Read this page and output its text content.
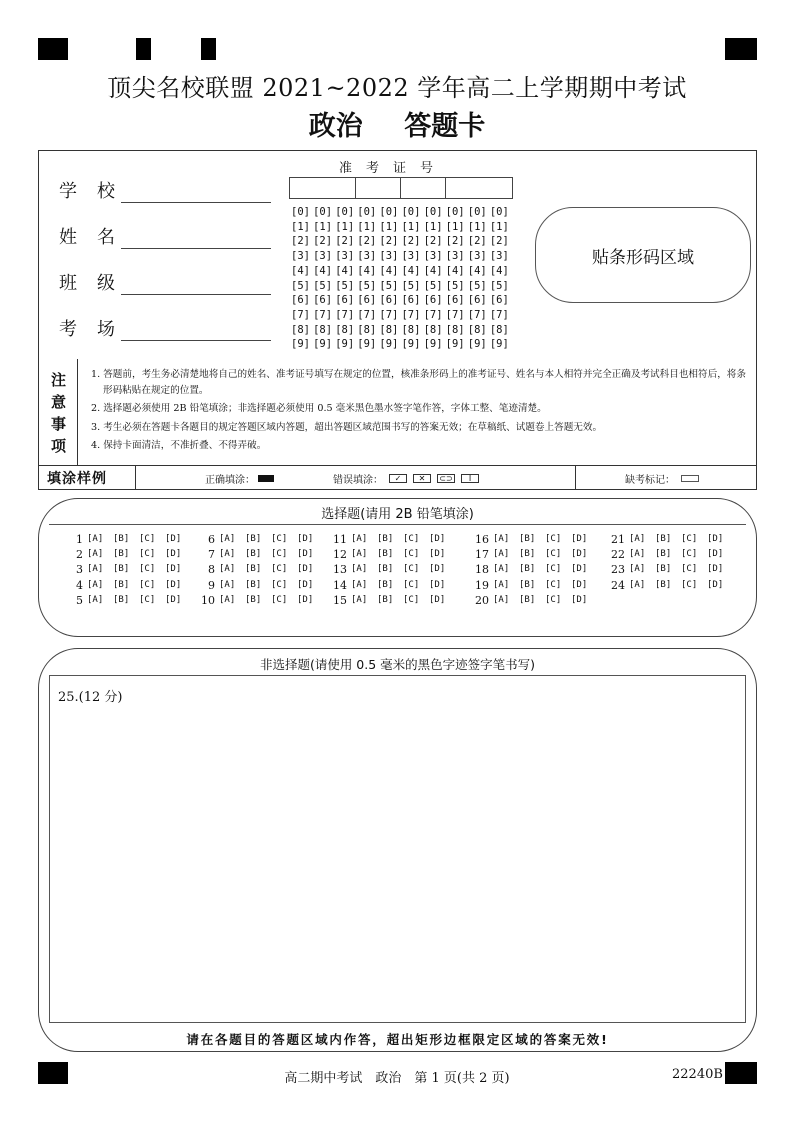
顶尖名校联盟 2021~2022 学年高二上学期期中考试
政治 答题卡
学 校
姓 名
班 级
考 场
准考证号
[0] [0] [0] [0] [0] [0] [0] [0] [0] [0]
[1] [1] [1] [1] [1] [1] [1] [1] [1] [1]
[2] [2] [2] [2] [2] [2] [2] [2] [2] [2]
[3] [3] [3] [3] [3] [3] [3] [3] [3] [3]
[4] [4] [4] [4] [4] [4] [4] [4] [4] [4]
[5] [5] [5] [5] [5] [5] [5] [5] [5] [5]
[6] [6] [6] [6] [6] [6] [6] [6] [6] [6]
[7] [7] [7] [7] [7] [7] [7] [7] [7] [7]
[8] [8] [8] [8] [8] [8] [8] [8] [8] [8]
[9] [9] [9] [9] [9] [9] [9] [9] [9] [9]
贴条形码区域
注意事项
1. 答题前，考生务必清楚地将自己的姓名、准考证号填写在规定的位置，核准条形码上的准考证号、姓名与本人相符并完全正确及考试科目也相符后，将条形码粘贴在规定的位置。
2. 选择题必须使用 2B 铅笔填涂；非选择题必须使用 0.5 毫米黑色墨水签字笔作答，字体工整、笔迹清楚。
3. 考生必须在答题卡各题目的规定答题区域内答题，超出答题区域范围书写的答案无效；在草稿纸、试题卷上答题无效。
4. 保持卡面清洁，不准折叠、不得弄破。
填涂样例	正确填涂：	错误填涂：	✓	✕	⊂⊃	I	缺考标记：
选择题(请用 2B 铅笔填涂)
1 [A]	[B]	[C]	[D]
2 [A]	[B]	[C]	[D]
3 [A]	[B]	[C]	[D]
4 [A]	[B]	[C]	[D]
5 [A]	[B]	[C]	[D]
6 [A]	[B]	[C]	[D]
7 [A]	[B]	[C]	[D]
8 [A]	[B]	[C]	[D]
9 [A]	[B]	[C]	[D]
10 [A]	[B]	[C]	[D]
11 [A]	[B]	[C]	[D]
12 [A]	[B]	[C]	[D]
13 [A]	[B]	[C]	[D]
14 [A]	[B]	[C]	[D]
15 [A]	[B]	[C]	[D]
16 [A]	[B]	[C]	[D]
17 [A]	[B]	[C]	[D]
18 [A]	[B]	[C]	[D]
19 [A]	[B]	[C]	[D]
20 [A]	[B]	[C]	[D]
21 [A]	[B]	[C]	[D]
22 [A]	[B]	[C]	[D]
23 [A]	[B]	[C]	[D]
24 [A]	[B]	[C]	[D]
非选择题(请使用 0.5 毫米的黑色字迹签字笔书写)
25.(12 分)
请在各题目的答题区域内作答，超出矩形边框限定区域的答案无效!
高二期中考试　政治　第 1 页(共 2 页)	22240B
